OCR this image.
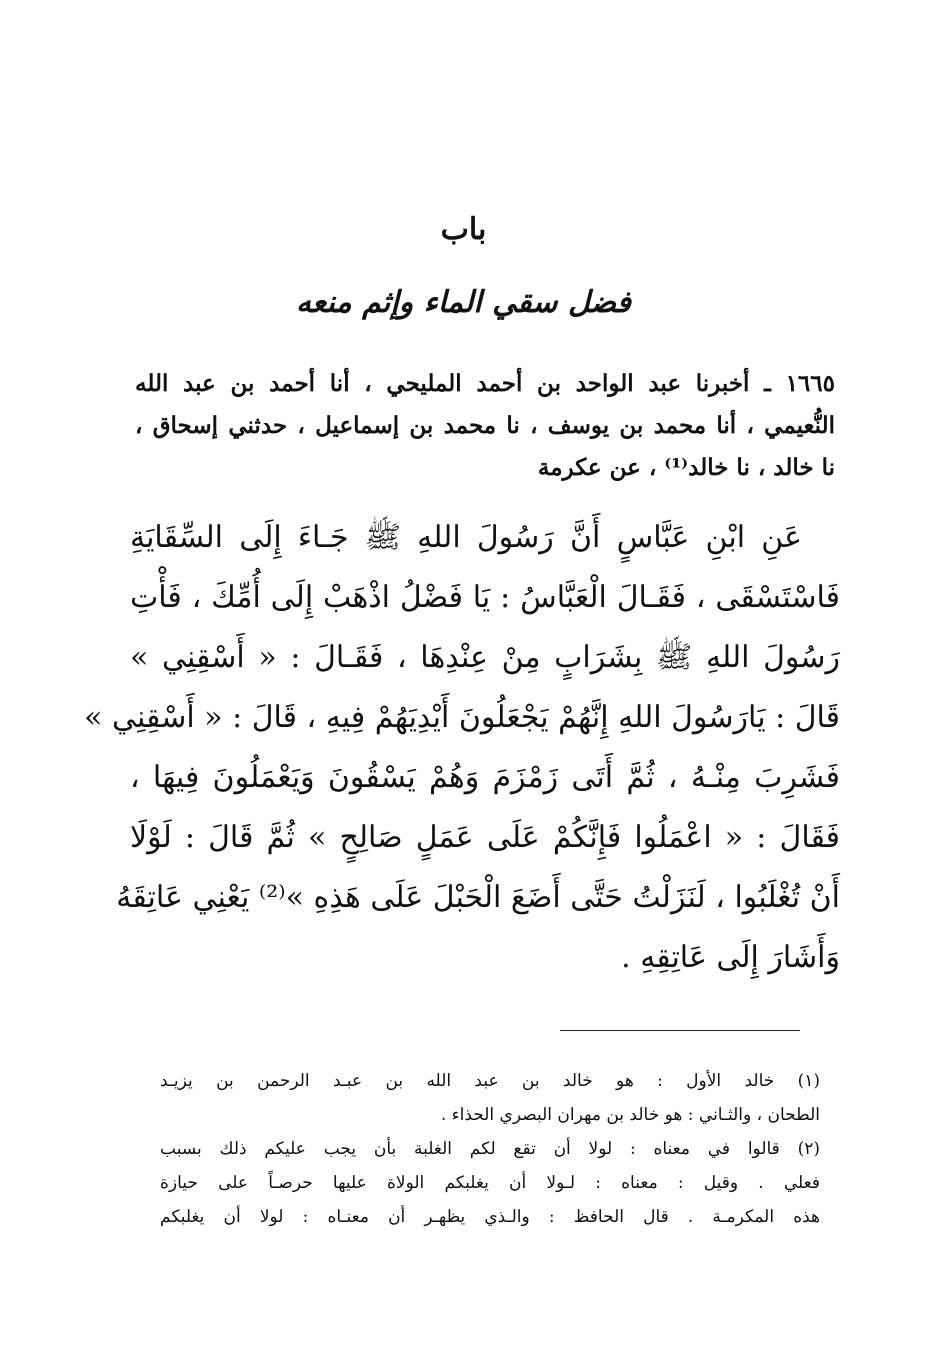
باب
فضل سقي الماء وإثم منعه
١٦٦٥ ـ أخبرنا عبد الواحد بن أحمد المليحي ، أنا أحمد بن عبد الله
النُّعيمي ، أنا محمد بن يوسف ، نا محمد بن إسماعيل ، حدثني إسحاق ،
نا خالد ، نا خالد⁽¹⁾ ، عن عكرمة
عَنِ ابْنِ عَبَّاسٍ أَنَّ رَسُولَ اللهِ ﷺ جَـاءَ إِلَى السِّقَايَةِ
فَاسْتَسْقَى ، فَقَـالَ الْعَبَّاسُ : يَا فَضْلُ اذْهَبْ إِلَى أُمِّكَ ، فَأْتِ
رَسُولَ اللهِ ﷺ بِشَرَابٍ مِنْ عِنْدِهَا ، فَقَـالَ : « أَسْقِنِي »
قَالَ : يَارَسُولَ اللهِ إِنَّهُمْ يَجْعَلُونَ أَيْدِيَهُمْ فِيهِ ، قَالَ : « أَسْقِنِي »
فَشَرِبَ مِنْـهُ ، ثُمَّ أَتَى زَمْزَمَ وَهُمْ يَسْقُونَ وَيَعْمَلُونَ فِيهَا ،
فَقَالَ : « اعْمَلُوا فَإِنَّكُمْ عَلَى عَمَلٍ صَالِحٍ » ثُمَّ قَالَ : لَوْلَا
أَنْ تُغْلَبُوا ، لَنَزَلْتُ حَتَّى أَضَعَ الْحَبْلَ عَلَى هَذِهِ »⁽²⁾ يَعْنِي عَاتِقَهُ
وَأَشَارَ إِلَى عَاتِقِهِ .
(١) خالد الأول : هو خالد بن عبد الله بن عبـد الرحمن بن يزيـد
الطحان ، والثـاني : هو خالد بن مهران البصري الحذاء .
(٢) قالوا في معناه : لولا أن تقع لكم الغلبة بأن يجب عليكم ذلك بسبب
فعلي . وقيل : معناه : لـولا أن يغلبكم الولاة عليها حرصـاً على حيازة
هذه المكرمـة . قال الحافظ : والـذي يظهـر أن معنـاه : لولا أن يغلبكم
